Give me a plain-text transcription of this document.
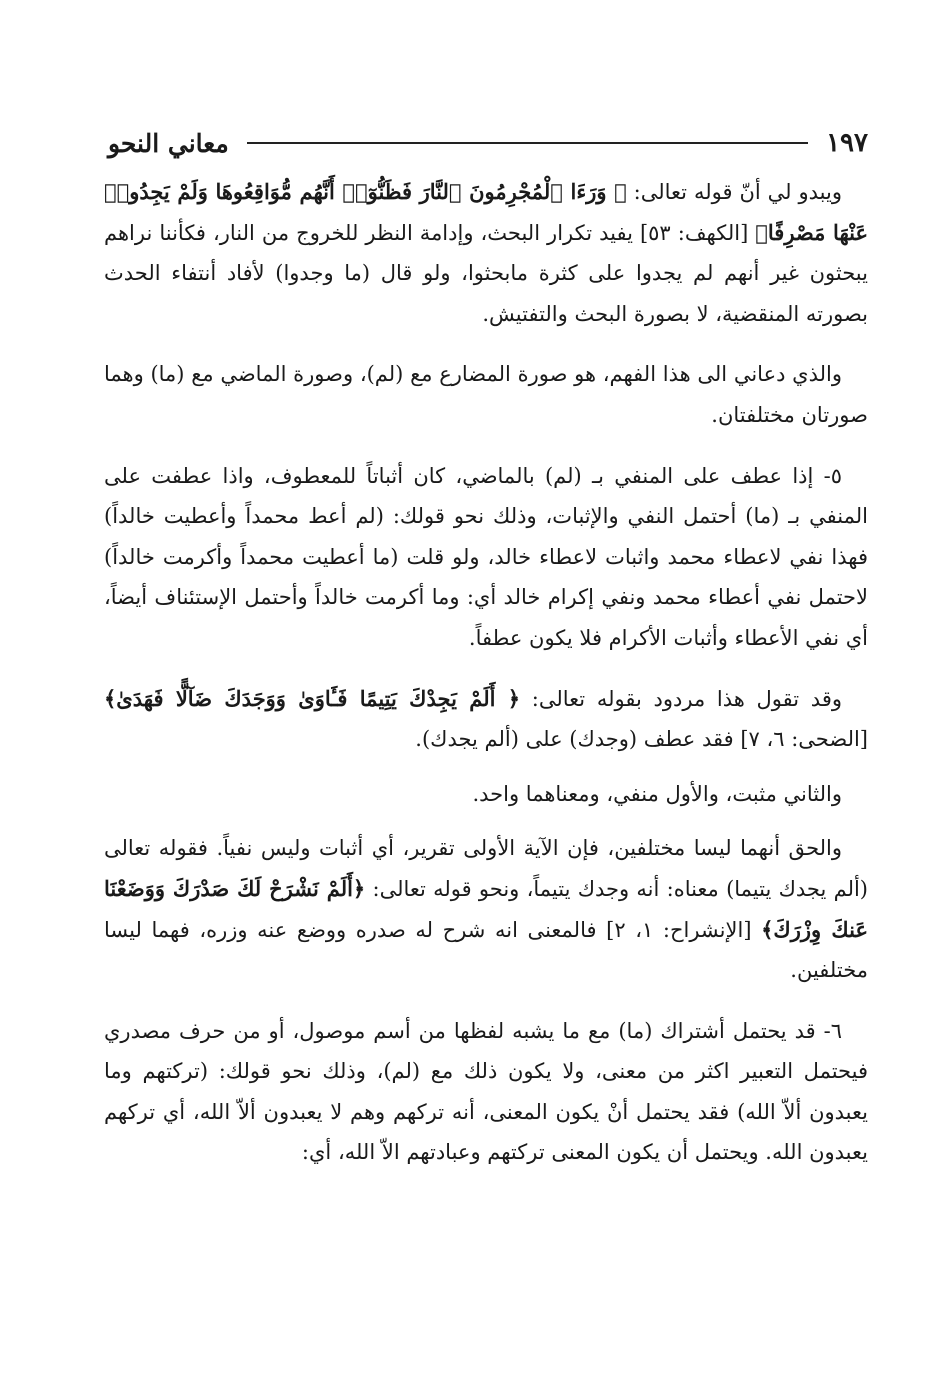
معاني النحو	١٩٧

ويبدو لي أنّ قوله تعالى: ﴿ وَرَءَا ٱلْمُجْرِمُونَ ٱلنَّارَ فَظَنُّوٓا۟ أَنَّهُم مُّوَاقِعُوهَا وَلَمْ يَجِدُوا۟ عَنْهَا مَصْرِفًا﴾ [الكهف: ٥٣] يفيد تكرار البحث، وإدامة النظر للخروج من النار، فكأننا نراهم يبحثون غير أنهم لم يجدوا على كثرة مابحثوا، ولو قال (ما وجدوا) لأفاد أنتفاء الحدث بصورته المنقضية، لا بصورة البحث والتفتيش.

والذي دعاني الى هذا الفهم، هو صورة المضارع مع (لم)، وصورة الماضي مع (ما) وهما صورتان مختلفتان.

٥- إذا عطف على المنفي بـ (لم) بالماضي، كان أثباتاً للمعطوف، واذا عطفت على المنفي بـ (ما) أحتمل النفي والإثبات، وذلك نحو قولك: (لم أعط محمداً وأعطيت خالداً) فهذا نفي لاعطاء محمد واثبات لاعطاء خالد، ولو قلت (ما أعطيت محمداً وأكرمت خالداً) لاحتمل نفي أعطاء محمد ونفي إكرام خالد أي: وما أكرمت خالداً وأحتمل الإستئناف أيضاً، أي نفي الأعطاء وأثبات الأكرام فلا يكون عطفاً.

وقد تقول هذا مردود بقوله تعالى: ﴿ أَلَمْ يَجِدْكَ يَتِيمًا فَـَٔاوَىٰ وَوَجَدَكَ ضَآلًّا فَهَدَىٰ﴾ [الضحى: ٦، ٧] فقد عطف (وجدك) على (ألم يجدك).

والثاني مثبت، والأول منفي، ومعناهما واحد.

والحق أنهما ليسا مختلفين، فإن الآية الأولى تقرير، أي أثبات وليس نفياً. فقوله تعالى (ألم يجدك يتيما) معناه: أنه وجدك يتيماً، ونحو قوله تعالى: ﴿أَلَمْ نَشْرَحْ لَكَ صَدْرَكَ وَوَضَعْنَا عَنكَ وِزْرَكَ﴾ [الإنشراح: ١، ٢] فالمعنى انه شرح له صدره ووضع عنه وزره، فهما ليسا مختلفين.

٦- قد يحتمل أشتراك (ما) مع ما يشبه لفظها من أسم موصول، أو من حرف مصدري فيحتمل التعبير اكثر من معنى، ولا يكون ذلك مع (لم)، وذلك نحو قولك: (تركتهم وما يعبدون ألاّ الله) فقد يحتمل أنْ يكون المعنى، أنه تركهم وهم لا يعبدون ألاّ الله، أي تركهم يعبدون الله. ويحتمل أن يكون المعنى تركتهم وعبادتهم الاّ الله، أي:
